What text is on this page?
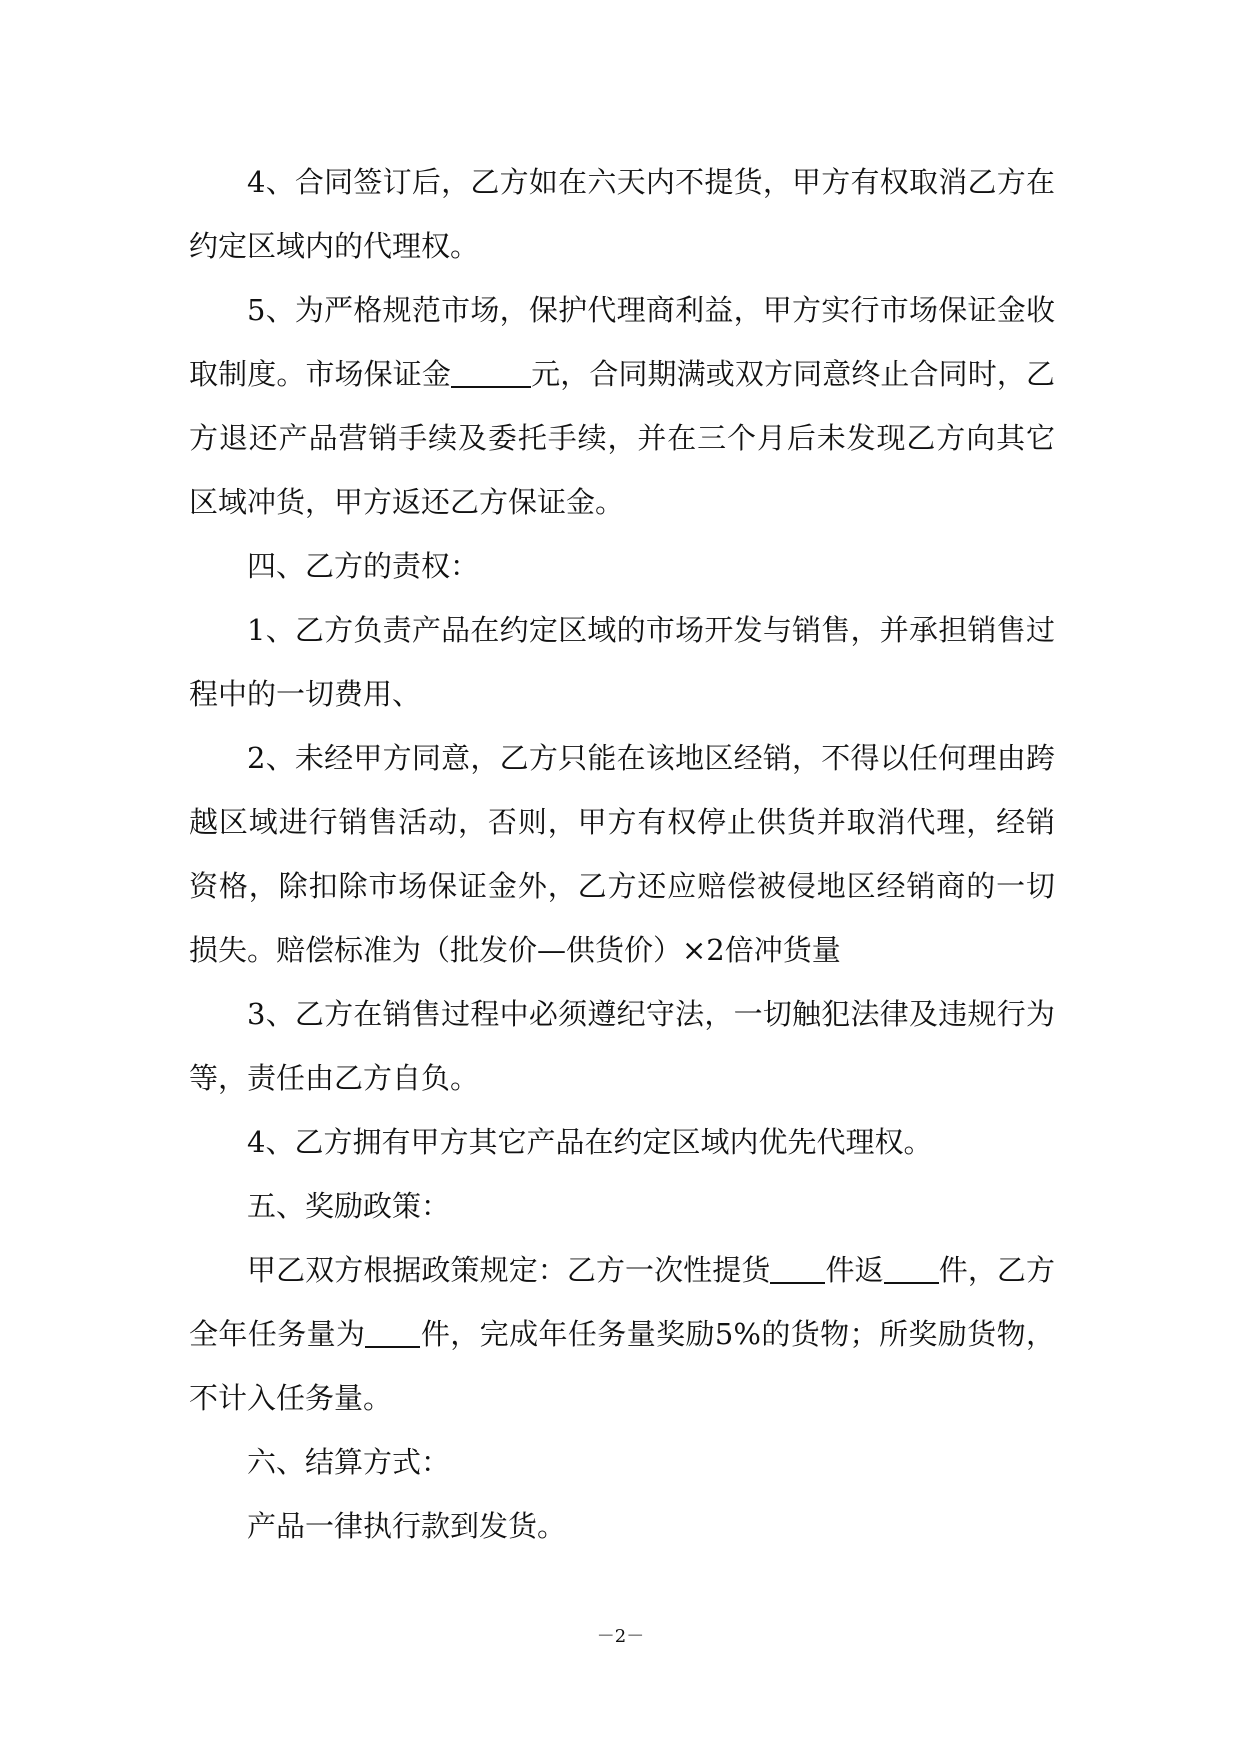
4、合同签订后，乙方如在六天内不提货，甲方有权取消乙方在约定区域内的代理权。

5、为严格规范市场，保护代理商利益，甲方实行市场保证金收取制度。市场保证金	元，合同期满或双方同意终止合同时，乙方退还产品营销手续及委托手续，并在三个月后未发现乙方向其它区域冲货，甲方返还乙方保证金。

四、乙方的责权：

1、乙方负责产品在约定区域的市场开发与销售，并承担销售过程中的一切费用、

2、未经甲方同意，乙方只能在该地区经销，不得以任何理由跨越区域进行销售活动，否则，甲方有权停止供货并取消代理，经销资格，除扣除市场保证金外，乙方还应赔偿被侵地区经销商的一切损失。赔偿标准为（批发价—供货价）×2倍冲货量

3、乙方在销售过程中必须遵纪守法，一切触犯法律及违规行为等，责任由乙方自负。

4、乙方拥有甲方其它产品在约定区域内优先代理权。

五、奖励政策：

甲乙双方根据政策规定：乙方一次性提货 件返 件，乙方全年任务量为 件，完成年任务量奖励5%的货物；所奖励货物，不计入任务量。

六、结算方式：

产品一律执行款到发货。

－2－
